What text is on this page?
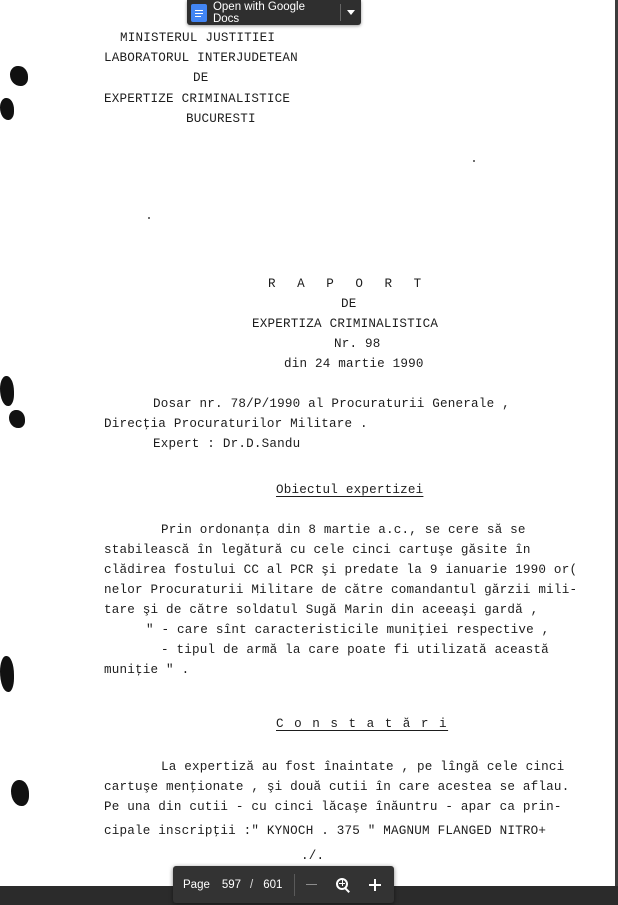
MINISTERUL JUSTITIEI
LABORATORUL INTERJUDETEAN
DE
EXPERTIZE CRIMINALISTICE
BUCURESTI
R A P O R T
DE
EXPERTIZA CRIMINALISTICA
Nr. 98
din 24 martie 1990
Dosar nr. 78/P/1990 al Procuraturii Generale ,
Direcţia Procuraturilor Militare .
Expert : Dr.D.Sandu
Obiectul expertizei
Prin ordonanţa din 8 martie a.c., se cere să se
stabilească în legătură cu cele cinci cartuşe găsite în
clădirea fostului CC al PCR şi predate la 9 ianuarie 1990 or(
nelor Procuraturii Militare de către comandantul gărzii mili-
tare şi de către soldatul Sugă Marin din aceeaşi gardă ,
" - care sînt caracteristicile muniţiei respective ,
- tipul de armă la care poate fi utilizată această
muniţie " .
C o n s t a t ă r i
La expertiză au fost înaintate , pe lîngă cele cinci
cartuşe menţionate , şi două cutii în care acestea se aflau.
Pe una din cutii - cu cinci lăcaşe înăuntru - apar ca prin-
cipale inscripţii :" KYNOCH . 375 " MAGNUM FLANGED NITRO+
./.
Open with Google Docs
Page 597 / 601
